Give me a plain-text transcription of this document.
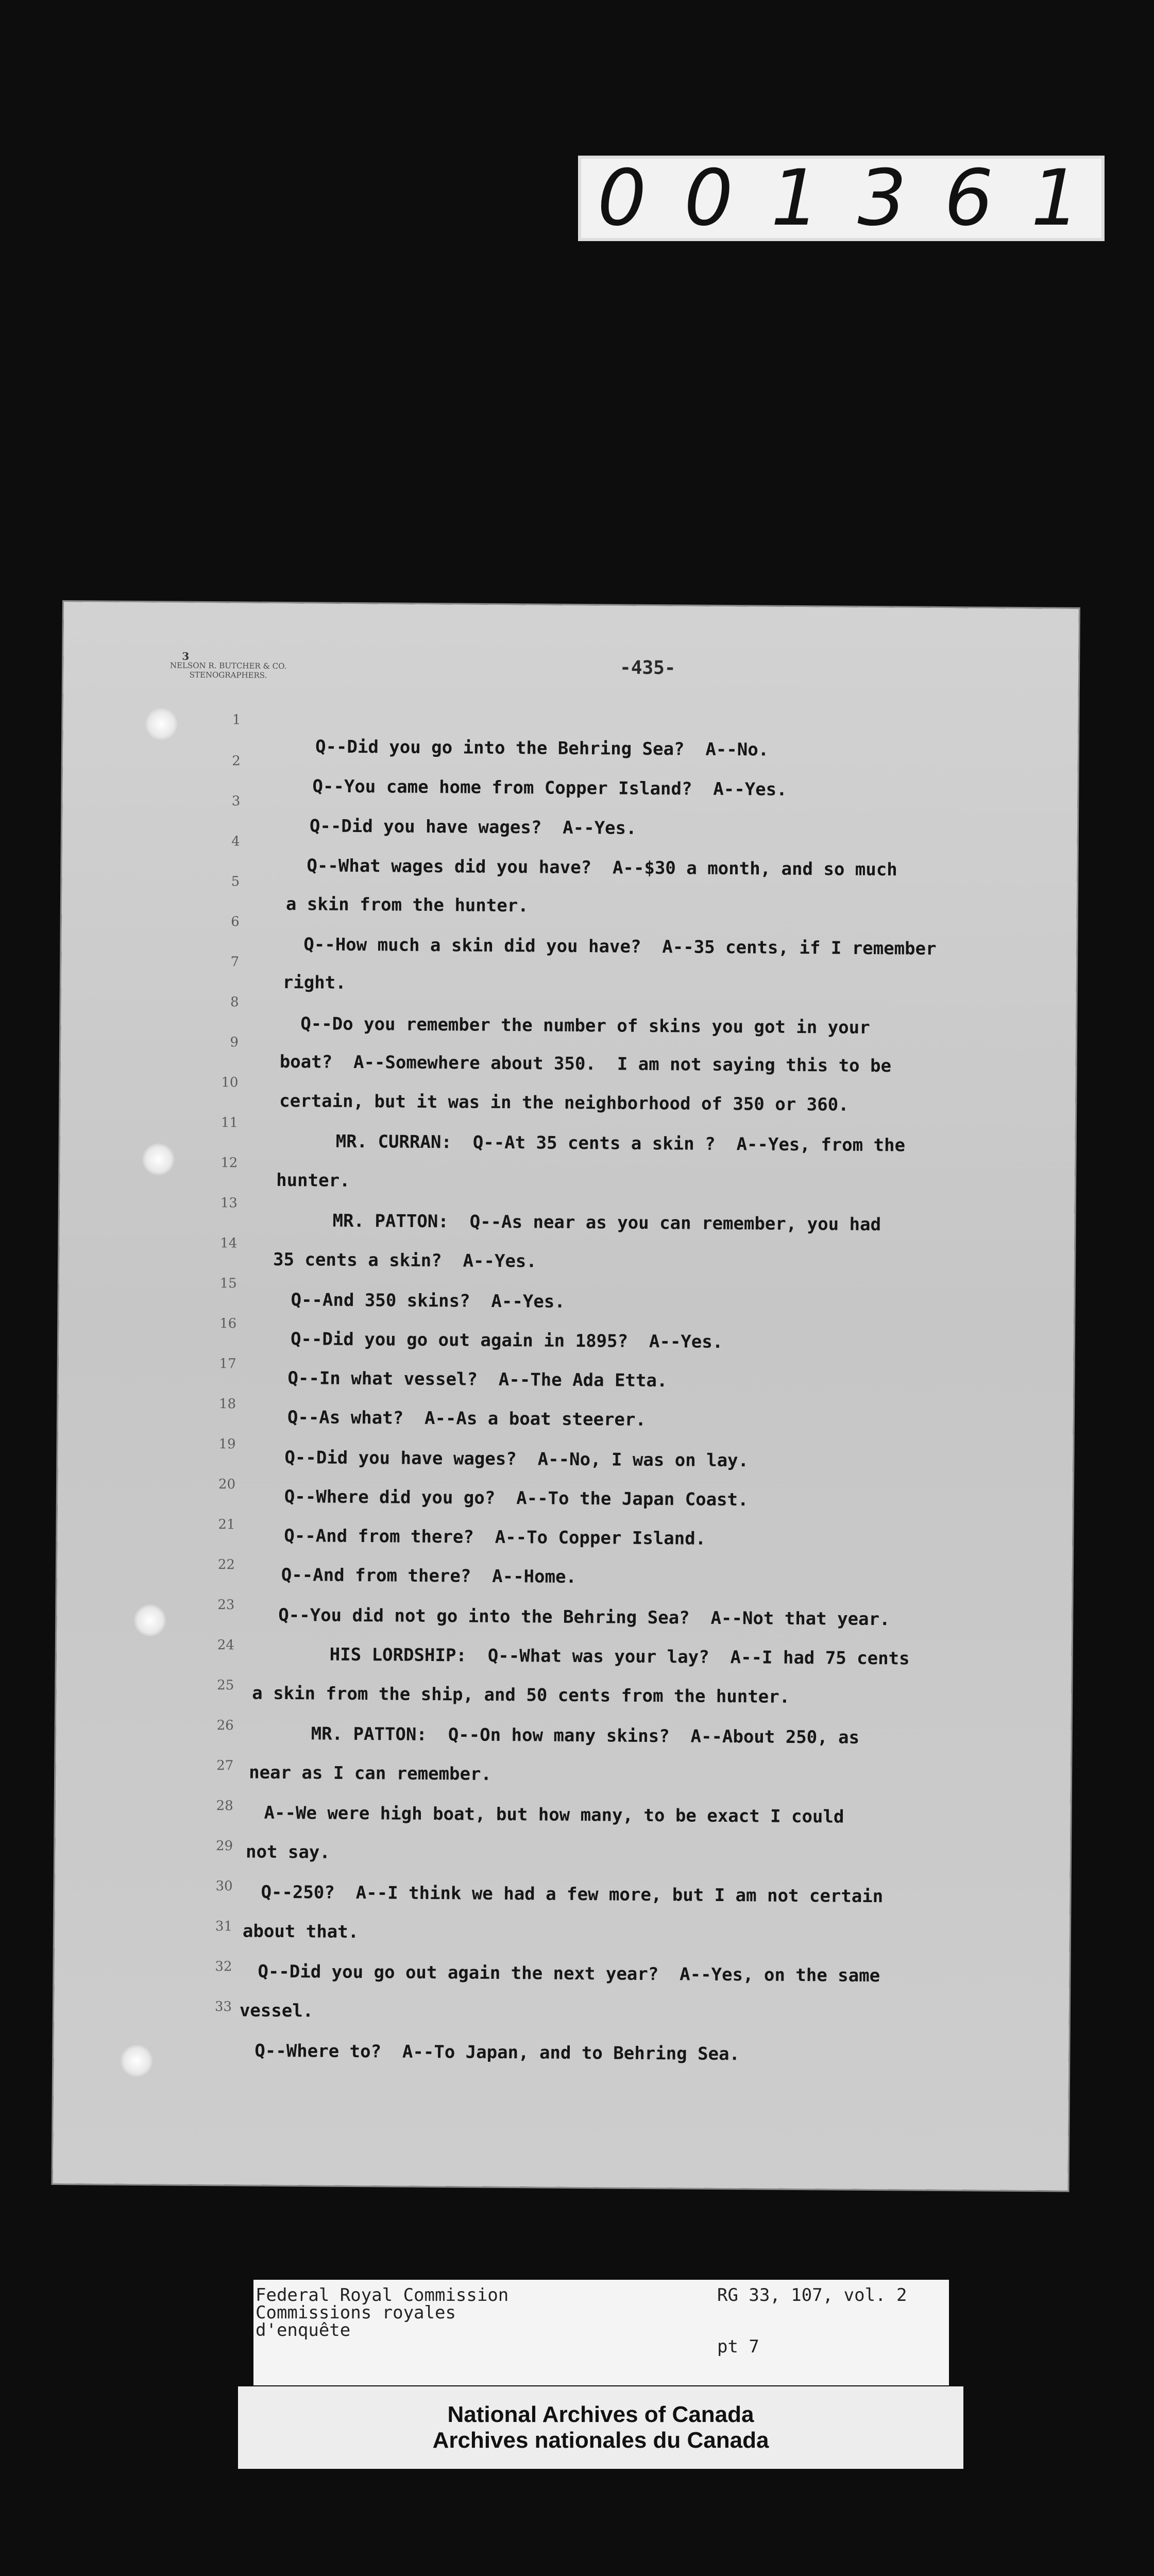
0 0 1 3 6 1
3
NELSON R. BUTCHER & CO.
STENOGRAPHERS.	-435-
1
2
3
4
5
6
7
8
9
10
11
12
13
14
15
16
17
18
19
20
21
22
23
24
25
26
27
28
29
30
31
32
33
Q--Did you go into the Behring Sea?  A--No.
Q--You came home from Copper Island?  A--Yes.
Q--Did you have wages?  A--Yes.
Q--What wages did you have?  A--$30 a month, and so much
a skin from the hunter.
Q--How much a skin did you have?  A--35 cents, if I remember
right.
Q--Do you remember the number of skins you got in your
boat?  A--Somewhere about 350.  I am not saying this to be
certain, but it was in the neighborhood of 350 or 360.
MR. CURRAN:  Q--At 35 cents a skin ?  A--Yes, from the
hunter.
MR. PATTON:  Q--As near as you can remember, you had
35 cents a skin?  A--Yes.
Q--And 350 skins?  A--Yes.
Q--Did you go out again in 1895?  A--Yes.
Q--In what vessel?  A--The Ada Etta.
Q--As what?  A--As a boat steerer.
Q--Did you have wages?  A--No, I was on lay.
Q--Where did you go?  A--To the Japan Coast.
Q--And from there?  A--To Copper Island.
Q--And from there?  A--Home.
Q--You did not go into the Behring Sea?  A--Not that year.
HIS LORDSHIP:  Q--What was your lay?  A--I had 75 cents
a skin from the ship, and 50 cents from the hunter.
MR. PATTON:  Q--On how many skins?  A--About 250, as
near as I can remember.
A--We were high boat, but how many, to be exact I could
not say.
Q--250?  A--I think we had a few more, but I am not certain
about that.
Q--Did you go out again the next year?  A--Yes, on the same
vessel.
Q--Where to?  A--To Japan, and to Behring Sea.
Federal Royal Commission
Commissions royales
d'enquête
RG 33, 107, vol. 2
pt 7
National Archives of Canada
Archives nationales du Canada
